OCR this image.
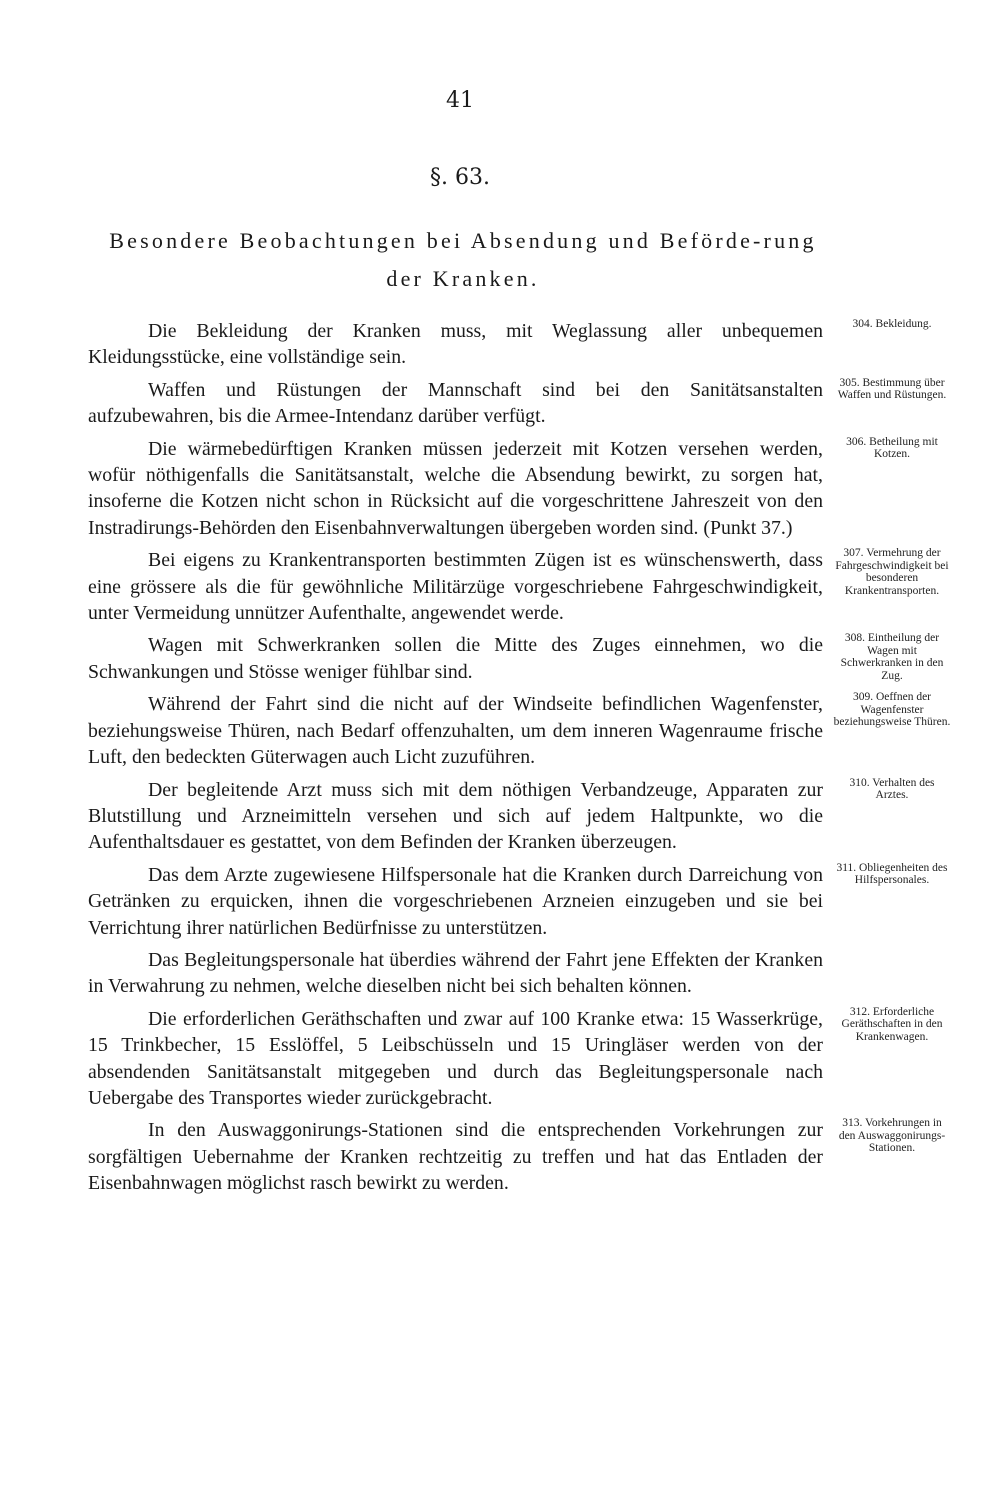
41
§. 63.
Besondere Beobachtungen bei Absendung und Beförde-rung der Kranken.

Die Bekleidung der Kranken muss, mit Weglassung aller unbequemen Kleidungsstücke, eine vollständige sein.
304. Bekleidung.

Waffen und Rüstungen der Mannschaft sind bei den Sanitätsanstalten aufzubewahren, bis die Armee-Intendanz darüber verfügt.
305. Bestimmung über Waffen und Rüstungen.

Die wärmebedürftigen Kranken müssen jederzeit mit Kotzen versehen werden, wofür nöthigenfalls die Sanitätsanstalt, welche die Absendung bewirkt, zu sorgen hat, insoferne die Kotzen nicht schon in Rücksicht auf die vorgeschrittene Jahreszeit von den Instradirungs-Behörden den Eisenbahnverwaltungen übergeben worden sind. (Punkt 37.)
306. Betheilung mit Kotzen.

Bei eigens zu Krankentransporten bestimmten Zügen ist es wünschenswerth, dass eine grössere als die für gewöhnliche Militärzüge vorgeschriebene Fahrgeschwindigkeit, unter Vermeidung unnützer Aufenthalte, angewendet werde.
307. Vermehrung der Fahrgeschwindigkeit bei besonderen Krankentransporten.

Wagen mit Schwerkranken sollen die Mitte des Zuges einnehmen, wo die Schwankungen und Stösse weniger fühlbar sind.
308. Eintheilung der Wagen mit Schwerkranken in den Zug.

Während der Fahrt sind die nicht auf der Windseite befindlichen Wagenfenster, beziehungsweise Thüren, nach Bedarf offenzuhalten, um dem inneren Wagenraume frische Luft, den bedeckten Güterwagen auch Licht zuzuführen.
309. Oeffnen der Wagenfenster beziehungsweise Thüren.

Der begleitende Arzt muss sich mit dem nöthigen Verbandzeuge, Apparaten zur Blutstillung und Arzneimitteln versehen und sich auf jedem Haltpunkte, wo die Aufenthaltsdauer es gestattet, von dem Befinden der Kranken überzeugen.
310. Verhalten des Arztes.

Das dem Arzte zugewiesene Hilfspersonale hat die Kranken durch Darreichung von Getränken zu erquicken, ihnen die vorgeschriebenen Arzneien einzugeben und sie bei Verrichtung ihrer natürlichen Bedürfnisse zu unterstützen.
311. Obliegenheiten des Hilfspersonales.

Das Begleitungspersonale hat überdies während der Fahrt jene Effekten der Kranken in Verwahrung zu nehmen, welche dieselben nicht bei sich behalten können.

Die erforderlichen Geräthschaften und zwar auf 100 Kranke etwa: 15 Wasserkrüge, 15 Trinkbecher, 15 Esslöffel, 5 Leibschüsseln und 15 Uringläser werden von der absendenden Sanitätsanstalt mitgegeben und durch das Begleitungspersonale nach Uebergabe des Transportes wieder zurückgebracht.
312. Erforderliche Geräthschaften in den Krankenwagen.

In den Auswaggonirungs-Stationen sind die entsprechenden Vorkehrungen zur sorgfältigen Uebernahme der Kranken rechtzeitig zu treffen und hat das Entladen der Eisenbahnwagen möglichst rasch bewirkt zu werden.
313. Vorkehrungen in den Auswaggonirungs-Stationen.
